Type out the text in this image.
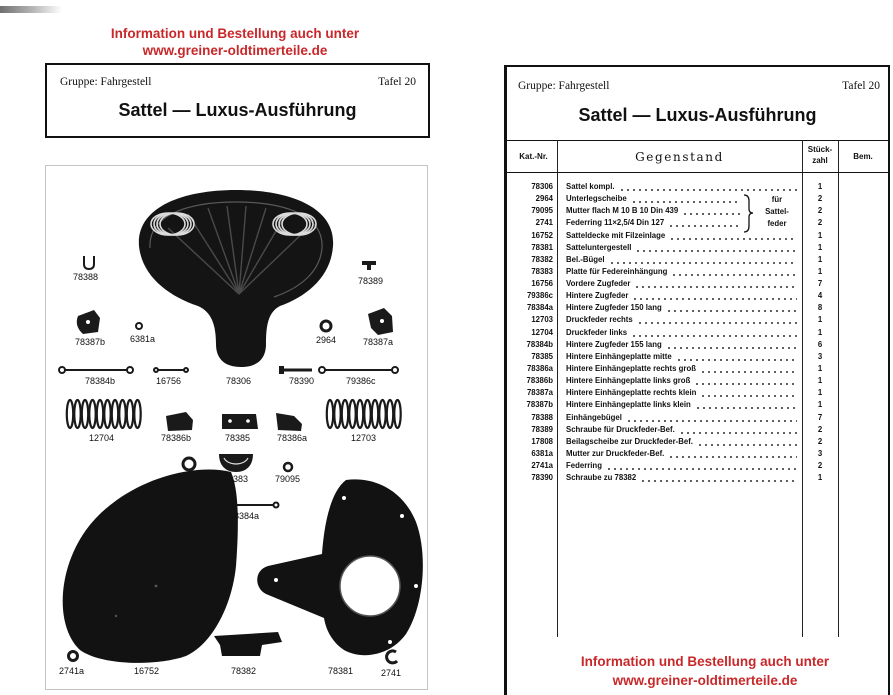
Information und Bestellung auch unter
www.greiner-oldtimerteile.de
Gruppe: Fahrgestell	Tafel 20
Sattel — Luxus-Ausführung
78388	78389
78387b	6381a	2964	78387a
78384b	16756	78306	78390	79386c
12704	78386b	78385	78386a	12703
17808 78383	79095
78384a
2741a	16752	78382	78381	2741
Gruppe: Fahrgestell	Tafel 20
Sattel — Luxus-Ausführung
Kat.-Nr.	Gegenstand
Stück-
zahl	Bem.
78306 Sattel kompl.	1
2964 Unterlegscheibe	2
79095 Mutter flach M 10 B 10 Din 439	2
2741 Federring 11×2,5/4 Din 127	2
16752 Satteldecke mit Filzeinlage	1
78381 Satteluntergestell	1
78382 Bel.-Bügel	1
78383 Platte für Federeinhängung	1
16756 Vordere Zugfeder	7
79386c Hintere Zugfeder	4
78384a Hintere Zugfeder 150 lang	8
12703 Druckfeder rechts	1
12704 Druckfeder links	1
78384b Hintere Zugfeder 155 lang	6
78385 Hintere Einhängeplatte mitte	3
78386a Hintere Einhängeplatte rechts groß	1
78386b Hintere Einhängeplatte links groß	1
78387a Hintere Einhängeplatte rechts klein	1
78387b Hintere Einhängeplatte links klein	1
78388 Einhängebügel	7
78389 Schraube für Druckfeder-Bef.	2
17808 Beilagscheibe zur Druckfeder-Bef.	2
6381a Mutter zur Druckfeder-Bef.	3
2741a Federring	2
78390 Schraube zu 78382	1
für
Sattel-
feder
Information und Bestellung auch unter
www.greiner-oldtimerteile.de
